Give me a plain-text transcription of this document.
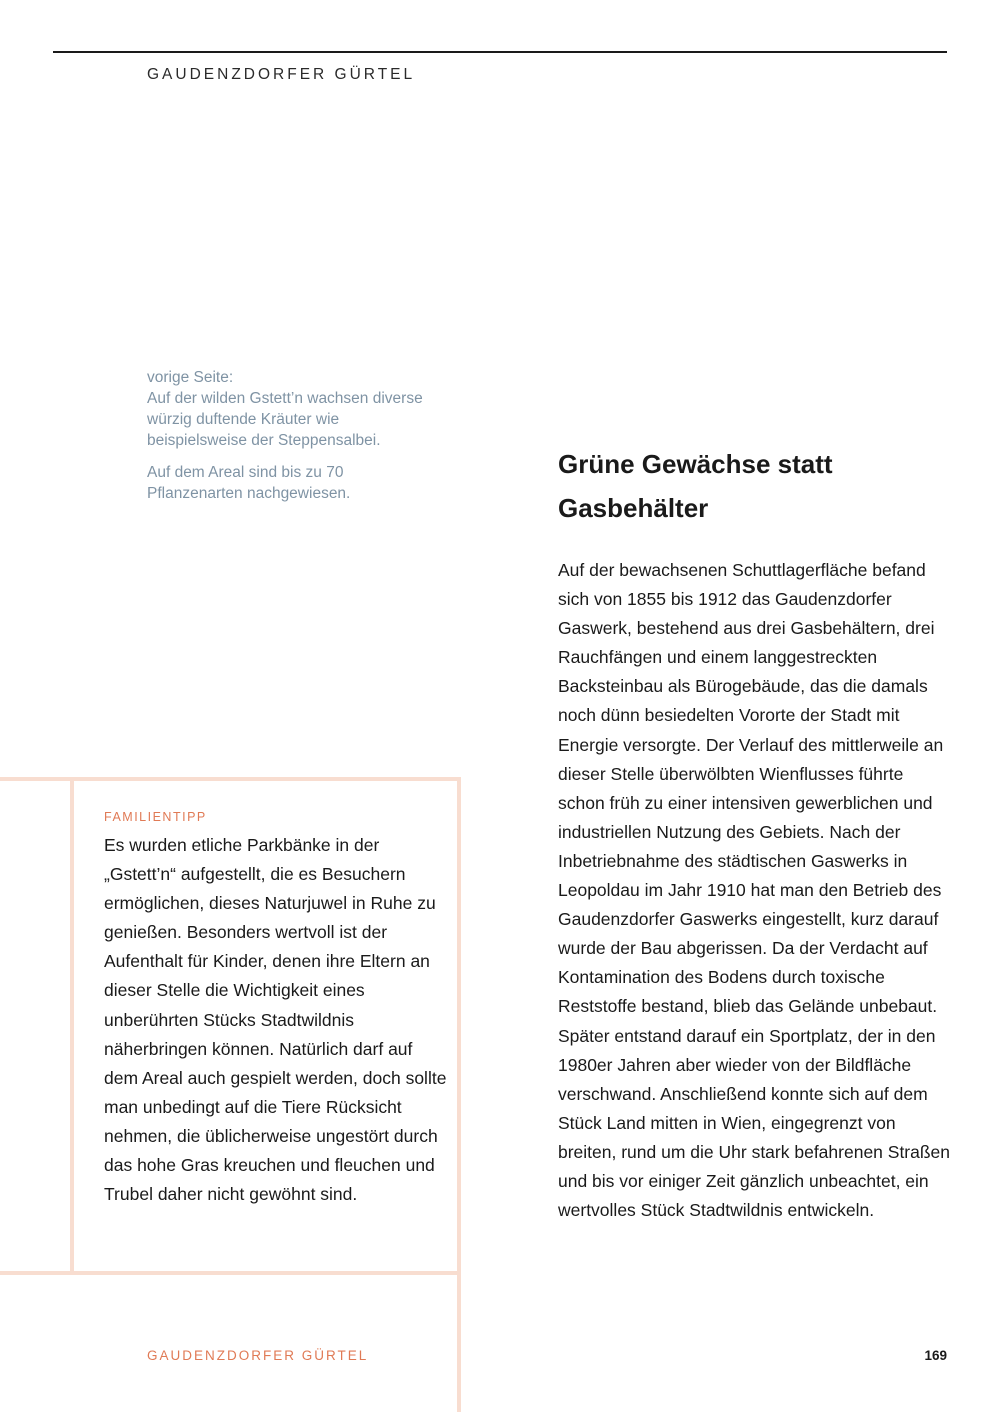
GAUDENZDORFER GÜRTEL

vorige Seite:

Auf der wilden Gstett’n wachsen diverse würzig duftende Kräuter wie beispielsweise der Steppensalbei.

Auf dem Areal sind bis zu 70 Pflanzenarten nachgewiesen.

Grüne Gewächse statt Gasbehälter

Auf der bewachsenen Schuttlagerfläche befand sich von 1855 bis 1912 das Gaudenzdorfer Gaswerk, bestehend aus drei Gasbehältern, drei Rauchfängen und einem langgestreckten Backsteinbau als Bürogebäude, das die damals noch dünn besiedelten Vororte der Stadt mit Energie versorgte. Der Verlauf des mittlerweile an dieser Stelle überwölbten Wienflusses führte schon früh zu einer intensiven gewerblichen und industriellen Nutzung des Gebiets. Nach der Inbetriebnahme des städtischen Gaswerks in Leopoldau im Jahr 1910 hat man den Betrieb des Gaudenzdorfer Gaswerks eingestellt, kurz darauf wurde der Bau abgerissen. Da der Verdacht auf Kontamination des Bodens durch toxische Reststoffe bestand, blieb das Gelände unbebaut. Später entstand darauf ein Sportplatz, der in den 1980er Jahren aber wieder von der Bildfläche verschwand. Anschließend konnte sich auf dem Stück Land mitten in Wien, eingegrenzt von breiten, rund um die Uhr stark befahrenen Straßen und bis vor einiger Zeit gänzlich unbeachtet, ein wertvolles Stück Stadtwildnis entwickeln.

FAMILIENTIPP

Es wurden etliche Parkbänke in der „Gstett’n“ aufgestellt, die es Besuchern ermöglichen, dieses Naturjuwel in Ruhe zu genießen. Besonders wertvoll ist der Aufenthalt für Kinder, denen ihre Eltern an dieser Stelle die Wichtigkeit eines unberührten Stücks Stadtwildnis näherbringen können. Natürlich darf auf dem Areal auch gespielt werden, doch sollte man unbedingt auf die Tiere Rücksicht nehmen, die üblicherweise ungestört durch das hohe Gras kreuchen und fleuchen und Trubel daher nicht gewöhnt sind.

GAUDENZDORFER GÜRTEL	169
